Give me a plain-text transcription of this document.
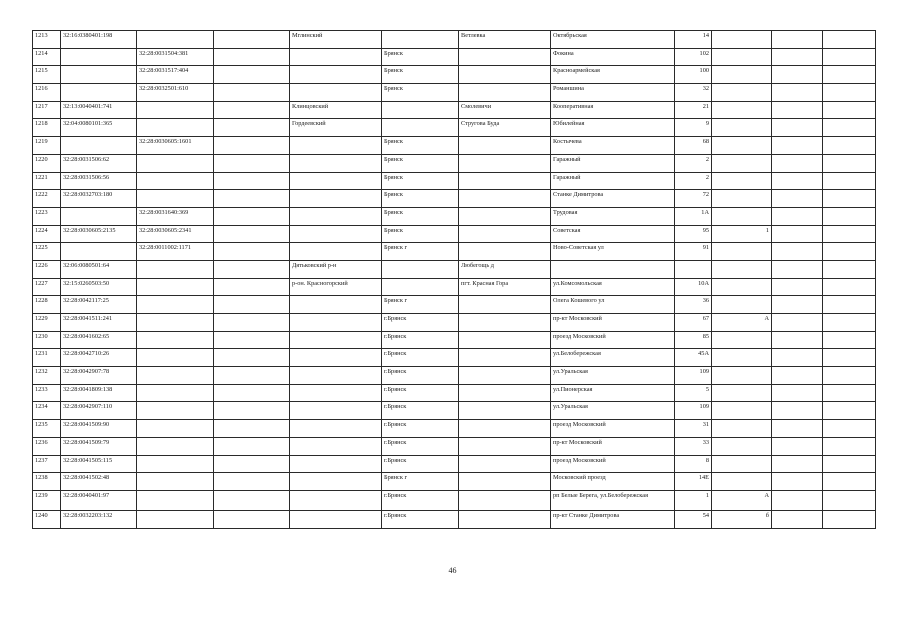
1213	32:16:0380401:198			Мглинский		Ветлевка	Октябрьская	14			
1214		32:28:0031504:381			Брянск		Фокина	102			
1215		32:28:0031517:404			Брянск		Красноармейская	100			
1216		32:28:0032501:610			Брянск		Романшина	32			
1217	32:13:0040401:741			Клинцовский		Смолевичи	Кооперативная	21			
1218	32:04:0080101:365			Гордеевский		Струговa Буда	Юбилейная	9			
1219		32:28:0030605:1601			Брянск		Костычева	68			
1220	32:28:0031506:62				Брянск		Гаражный	2			
1221	32:28:0031506:56				Брянск		Гаражный	2			
1222	32:28:0032703:180				Брянск		Станке Димитрова	72			
1223		32:28:0031640:369			Брянск		Трудовая	1А			
1224	32:28:0030605:2135	32:28:0030605:2341			Брянск		Советская	95	1		
1225		32:28:0011002:1171			Брянск г		Ново-Советская ул	91			
1226	32:06:0080501:64			Дятьковский р-н		Любегощь д					
1227	32:15:0260503:50			р-он. Красногорский		пгт. Красная Гора	ул.Комсомольская	10А			
1228	32:28:0042117:25				Брянск г		Олега Кошевого ул	36			
1229	32:28:0041511:241				г.Брянск		пр-кт Московский	67	А		
1230	32:28:0041602:65				г.Брянск		проезд Московский	85			
1231	32:28:0042710:26				г.Брянск		ул.Белобережская	45А			
1232	32:28:0042907:78				г.Брянск		ул.Уральская	109			
1233	32:28:0041809:138				г.Брянск		ул.Пионерская	5			
1234	32:28:0042907:110				г.Брянск		ул.Уральская	109			
1235	32:28:0041509:90				г.Брянск		проезд Московский	31			
1236	32:28:0041509:79				г.Брянск		пр-кт Московский	33			
1237	32:28:0041505:115				г.Брянск		проезд Московский	8			
1238	32:28:0041502:48				Брянск г		Московский проезд	14Е			
1239	32:28:0040401:97				г.Брянск		рп Белые Берега, ул.Белобережская	1	А		
1240	32:28:0032203:132				г.Брянск		пр-кт Станке Димитрова	54	б		
46
